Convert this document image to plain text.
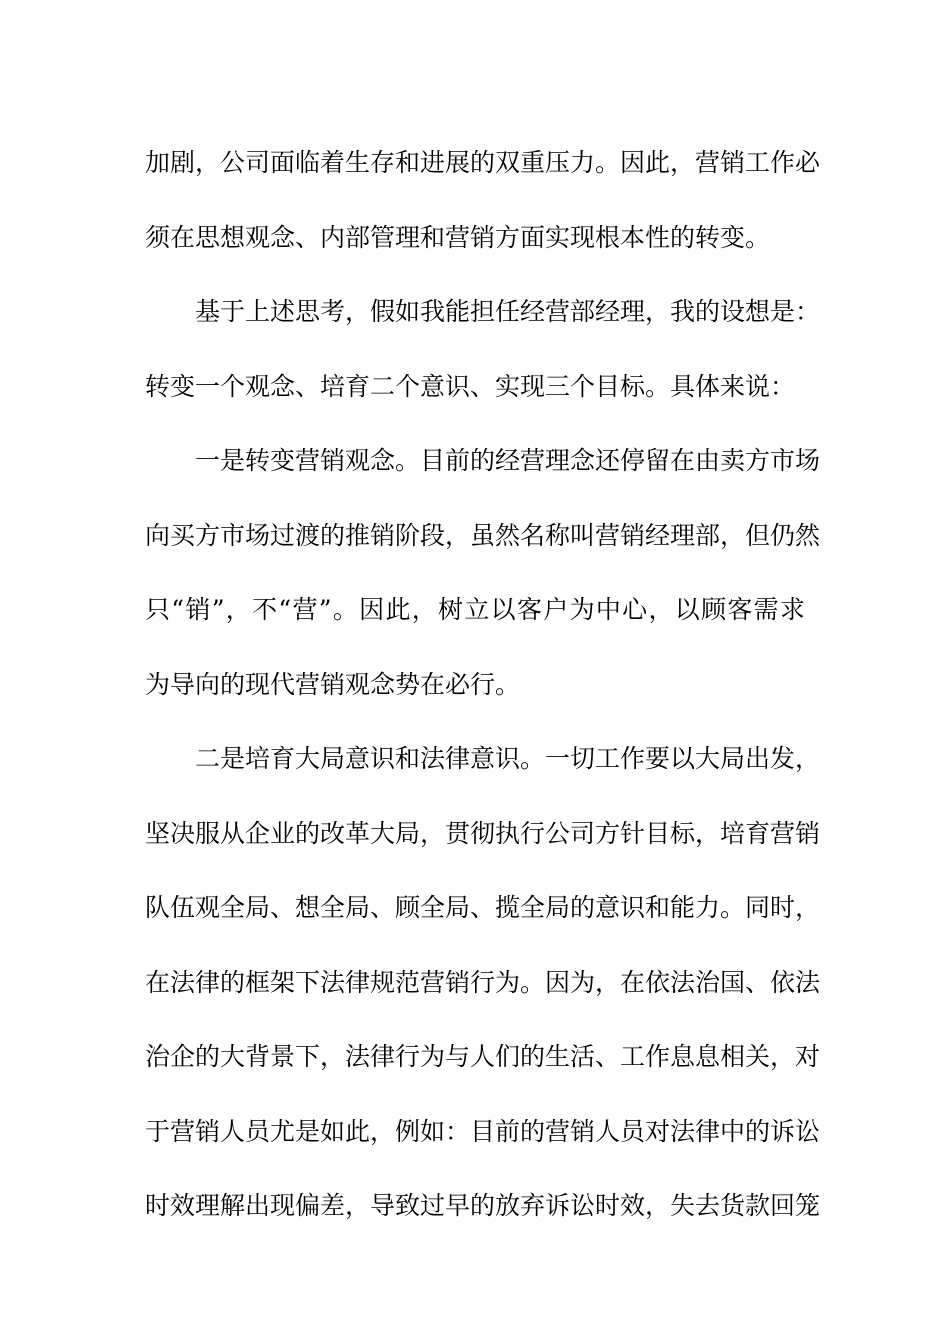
加剧，公司面临着生存和进展的双重压力。因此，营销工作必
须在思想观念、内部管理和营销方面实现根本性的转变。
基于上述思考，假如我能担任经营部经理，我的设想是：
转变一个观念、培育二个意识、实现三个目标。具体来说：
一是转变营销观念。目前的经营理念还停留在由卖方市场
向买方市场过渡的推销阶段，虽然名称叫营销经理部，但仍然
只“销”，不“营”。因此，树立以客户为中心，以顾客需求
为导向的现代营销观念势在必行。
二是培育大局意识和法律意识。一切工作要以大局出发，
坚决服从企业的改革大局，贯彻执行公司方针目标，培育营销
队伍观全局、想全局、顾全局、揽全局的意识和能力。同时，
在法律的框架下法律规范营销行为。因为，在依法治国、依法
治企的大背景下，法律行为与人们的生活、工作息息相关，对
于营销人员尤是如此，例如：目前的营销人员对法律中的诉讼
时效理解出现偏差，导致过早的放弃诉讼时效，失去货款回笼
